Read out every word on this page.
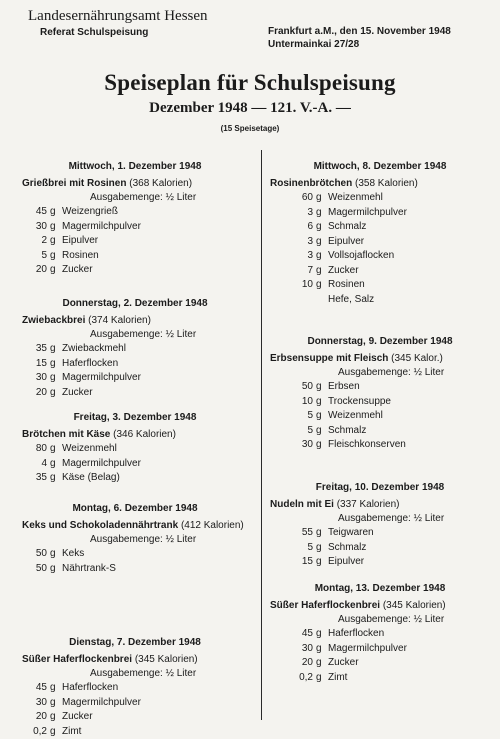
Landesernährungsamt Hessen
Referat Schulspeisung	Frankfurt a.M., den 15. November 1948
Untermainkai 27/28
Speiseplan für Schulspeisung
Dezember 1948 — 121. V.-A. —
(15 Speisetage)
Mittwoch, 1. Dezember 1948
Grießbrei mit Rosinen (368 Kalorien)
Ausgabemenge: ½ Liter
45 g Weizengrieß
30 g Magermilchpulver
2 g Eipulver
5 g Rosinen
20 g Zucker
Donnerstag, 2. Dezember 1948
Zwiebackbrei (374 Kalorien)
Ausgabemenge: ½ Liter
35 g Zwiebackmehl
15 g Haferflocken
30 g Magermilchpulver
20 g Zucker
Freitag, 3. Dezember 1948
Brötchen mit Käse (346 Kalorien)
80 g Weizenmehl
4 g Magermilchpulver
35 g Käse (Belag)
Montag, 6. Dezember 1948
Keks und Schokoladennährtrank (412 Kalorien)
Ausgabemenge: ½ Liter
50 g Keks
50 g Nährtrank-S
Dienstag, 7. Dezember 1948
Süßer Haferflockenbrei (345 Kalorien)
Ausgabemenge: ½ Liter
45 g Haferflocken
30 g Magermilchpulver
20 g Zucker
0,2 g Zimt
Mittwoch, 8. Dezember 1948
Rosinenbrötchen (358 Kalorien)
60 g Weizenmehl
3 g Magermilchpulver
6 g Schmalz
3 g Eipulver
3 g Vollsojaflocken
7 g Zucker
10 g Rosinen
Hefe, Salz
Donnerstag, 9. Dezember 1948
Erbsensuppe mit Fleisch (345 Kalor.)
Ausgabemenge: ½ Liter
50 g Erbsen
10 g Trockensuppe
5 g Weizenmehl
5 g Schmalz
30 g Fleischkonserven
Freitag, 10. Dezember 1948
Nudeln mit Ei (337 Kalorien)
Ausgabemenge: ½ Liter
55 g Teigwaren
5 g Schmalz
15 g Eipulver
Montag, 13. Dezember 1948
Süßer Haferflockenbrei (345 Kalorien)
Ausgabemenge: ½ Liter
45 g Haferflocken
30 g Magermilchpulver
20 g Zucker
0,2 g Zimt
